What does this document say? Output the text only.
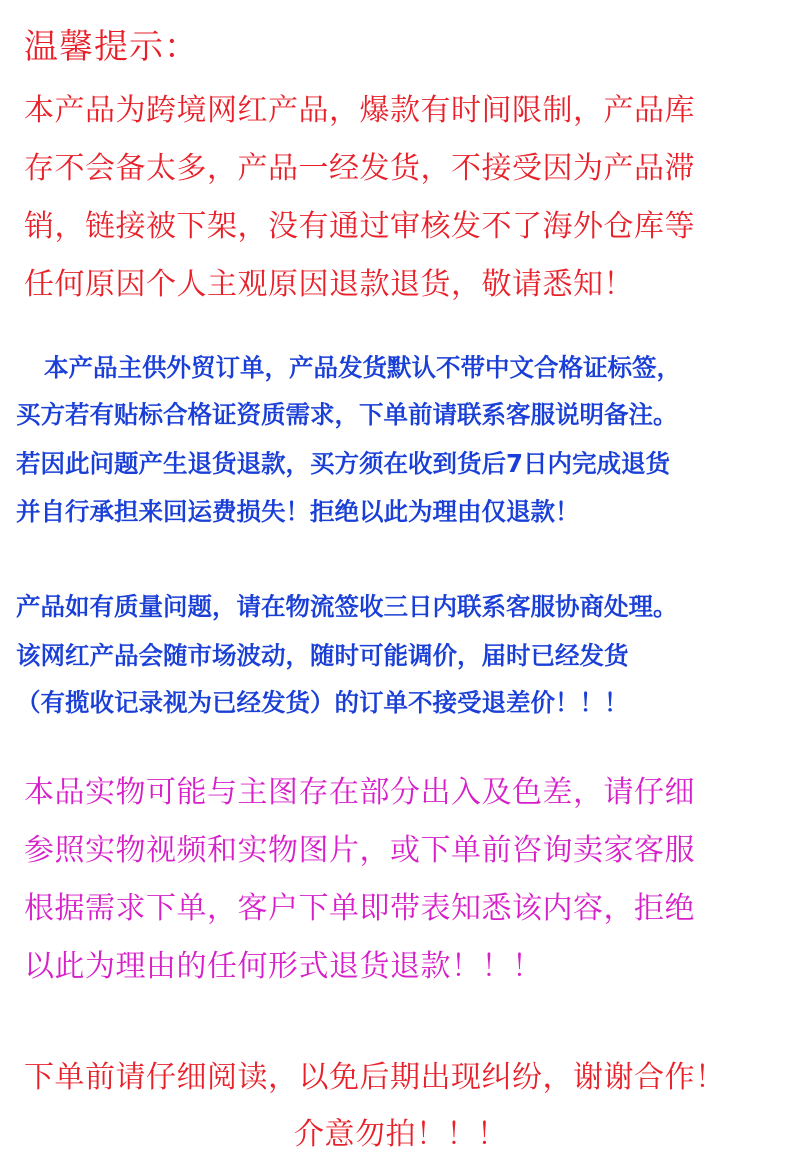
温馨提示：
本产品为跨境网红产品，爆款有时间限制，产品库
存不会备太多，产品一经发货，不接受因为产品滞
销，链接被下架，没有通过审核发不了海外仓库等
任何原因个人主观原因退款退货，敬请悉知！
本产品主供外贸订单，产品发货默认不带中文合格证标签，
买方若有贴标合格证资质需求，下单前请联系客服说明备注。
若因此问题产生退货退款，买方须在收到货后7日内完成退货
并自行承担来回运费损失！拒绝以此为理由仅退款！
产品如有质量问题，请在物流签收三日内联系客服协商处理。
该网红产品会随市场波动，随时可能调价，届时已经发货
（有揽收记录视为已经发货）的订单不接受退差价！！！
本品实物可能与主图存在部分出入及色差，请仔细
参照实物视频和实物图片，或下单前咨询卖家客服
根据需求下单，客户下单即带表知悉该内容，拒绝
以此为理由的任何形式退货退款！！！
下单前请仔细阅读，以免后期出现纠纷，谢谢合作！
介意勿拍！！！
